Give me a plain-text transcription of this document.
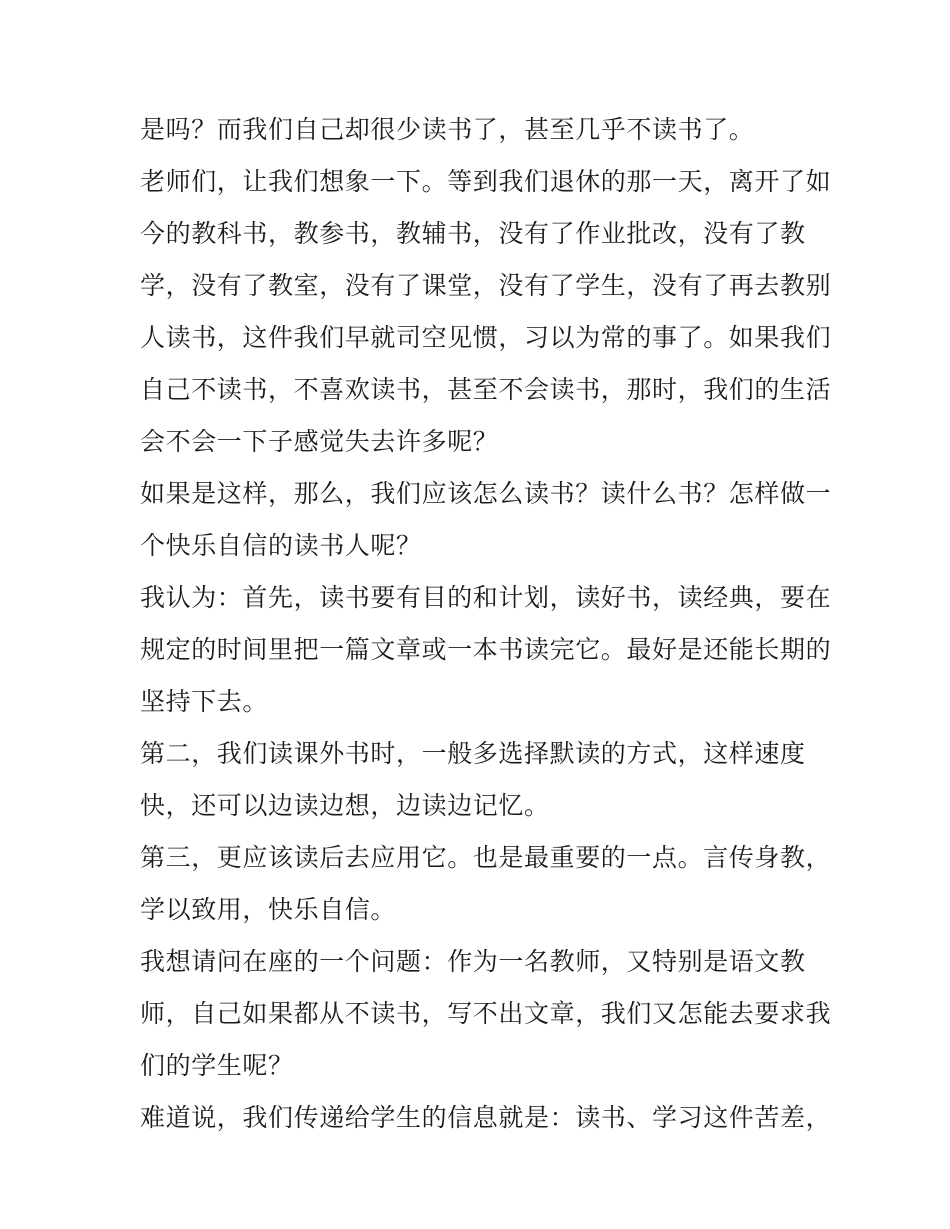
是吗？而我们自己却很少读书了，甚至几乎不读书了。
老师们，让我们想象一下。等到我们退休的那一天，离开了如
今的教科书，教参书，教辅书，没有了作业批改，没有了教
学，没有了教室，没有了课堂，没有了学生，没有了再去教别
人读书，这件我们早就司空见惯，习以为常的事了。如果我们
自己不读书，不喜欢读书，甚至不会读书，那时，我们的生活
会不会一下子感觉失去许多呢？
如果是这样，那么，我们应该怎么读书？读什么书？怎样做一
个快乐自信的读书人呢？
我认为：首先，读书要有目的和计划，读好书，读经典，要在
规定的时间里把一篇文章或一本书读完它。最好是还能长期的
坚持下去。
第二，我们读课外书时，一般多选择默读的方式，这样速度
快，还可以边读边想，边读边记忆。
第三，更应该读后去应用它。也是最重要的一点。言传身教，
学以致用，快乐自信。
我想请问在座的一个问题：作为一名教师，又特别是语文教
师，自己如果都从不读书，写不出文章，我们又怎能去要求我
们的学生呢？
难道说，我们传递给学生的信息就是：读书、学习这件苦差，
